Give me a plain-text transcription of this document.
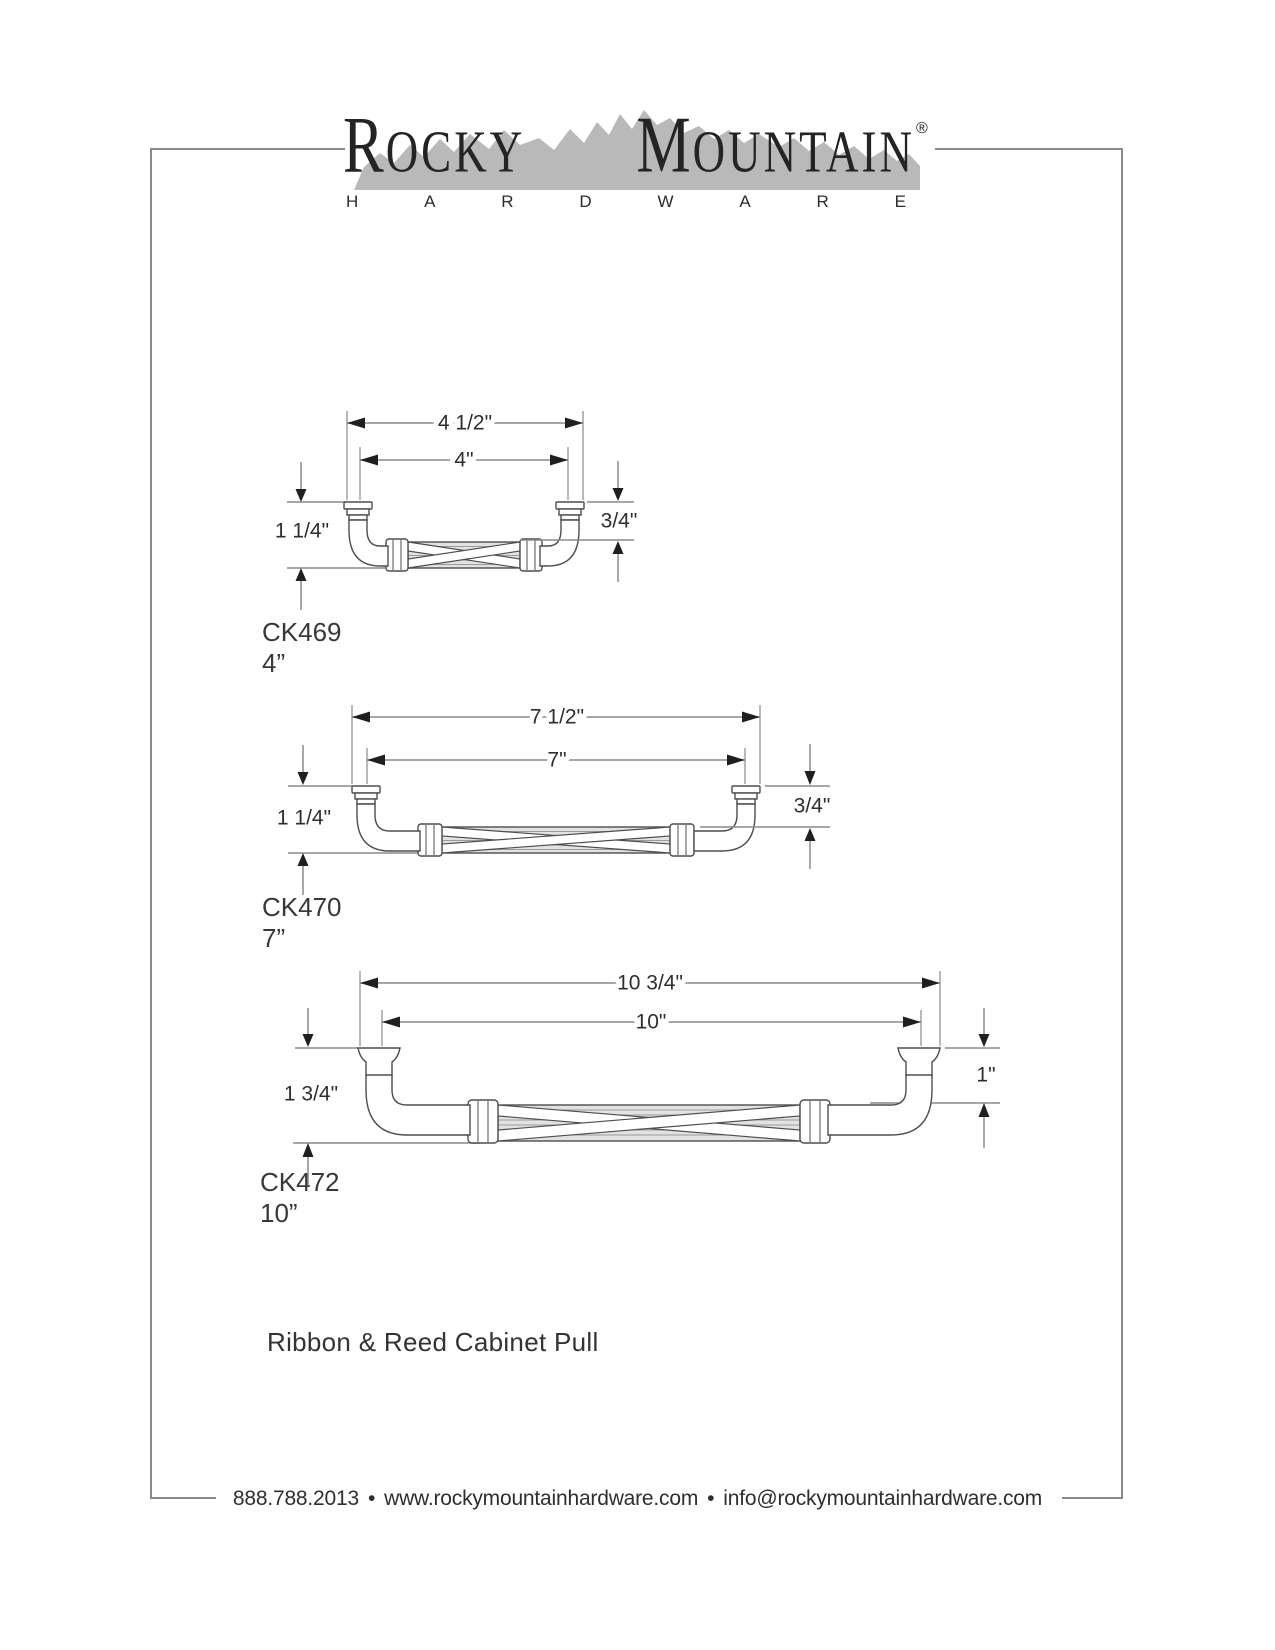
R OCKY M OUNTAIN ®
H	A	R	D	W	A	R	E
4 1/2"
4"
1 1/4"	3/4"
CK469
4”
7 1/2"
7"
1 1/4"
3/4"
CK470
7”
10 3/4"
10"
1 3/4"
1"
CK472
10”
Ribbon & Reed Cabinet Pull
888.788.2013 • www.rockymountainhardware.com • info@rockymountainhardware.com
